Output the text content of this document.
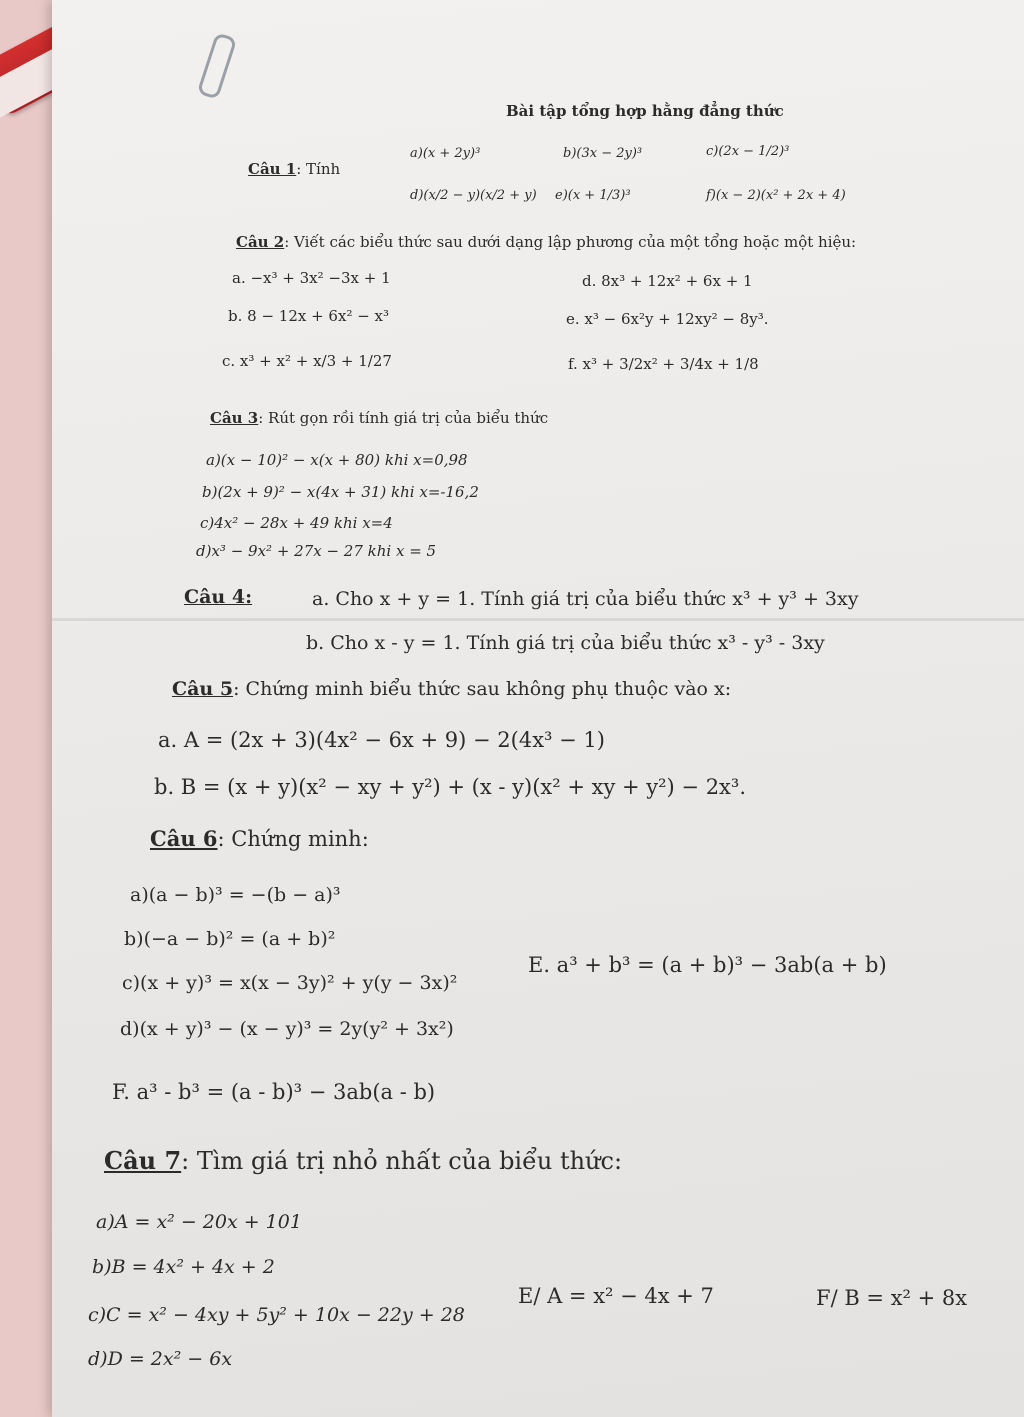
Bài tập tổng hợp hằng đẳng thức
Câu 1: Tính
a)(x + 2y)³	b)(3x − 2y)³	c)(2x − 1/2)³
d)(x/2 − y)(x/2 + y) e)(x + 1/3)³	f)(x − 2)(x² + 2x + 4)
Câu 2: Viết các biểu thức sau dưới dạng lập phương của một tổng hoặc một hiệu:
a. −x³ + 3x² −3x + 1	d. 8x³ + 12x² + 6x + 1
b. 8 − 12x + 6x² − x³	e. x³ − 6x²y + 12xy² − 8y³.
c. x³ + x² + x/3 + 1/27	f. x³ + 3/2x² + 3/4x + 1/8
Câu 3: Rút gọn rồi tính giá trị của biểu thức
a)(x − 10)² − x(x + 80) khi x=0,98
b)(2x + 9)² − x(4x + 31) khi x=-16,2
c)4x² − 28x + 49 khi x=4
d)x³ − 9x² + 27x − 27 khi x = 5
Câu 4:	a. Cho x + y = 1. Tính giá trị của biểu thức x³ + y³ + 3xy
b. Cho x - y = 1. Tính giá trị của biểu thức x³ - y³ - 3xy
Câu 5: Chứng minh biểu thức sau không phụ thuộc vào x:
a. A = (2x + 3)(4x² − 6x + 9) − 2(4x³ − 1)
b. B = (x + y)(x² − xy + y²) + (x - y)(x² + xy + y²) − 2x³.
Câu 6: Chứng minh:
a)(a − b)³ = −(b − a)³
b)(−a − b)² = (a + b)²
c)(x + y)³ = x(x − 3y)² + y(y − 3x)²
d)(x + y)³ − (x − y)³ = 2y(y² + 3x²)
E. a³ + b³ = (a + b)³ − 3ab(a + b)
F. a³ - b³ = (a - b)³ − 3ab(a - b)
Câu 7: Tìm giá trị nhỏ nhất của biểu thức:
a)A = x² − 20x + 101
b)B = 4x² + 4x + 2
c)C = x² − 4xy + 5y² + 10x − 22y + 28
d)D = 2x² − 6x
E/ A = x² − 4x + 7	F/ B = x² + 8x
